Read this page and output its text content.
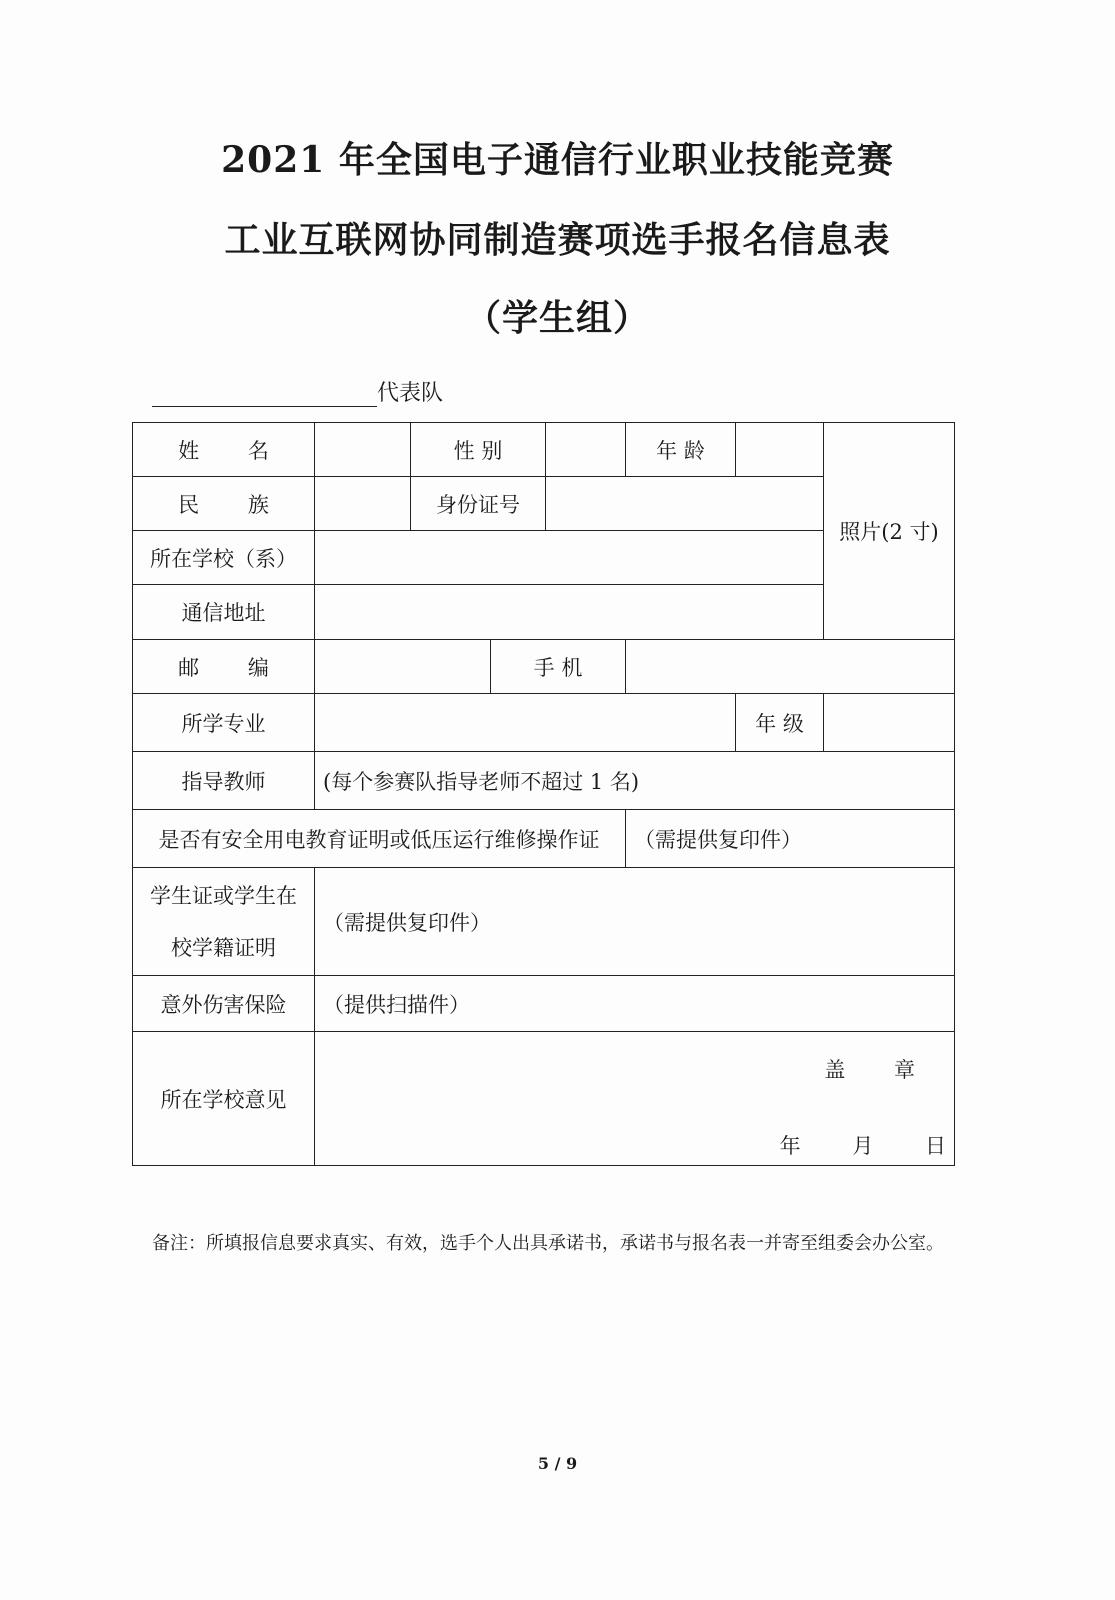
2021 年全国电子通信行业职业技能竞赛
工业互联网协同制造赛项选手报名信息表
（学生组）
代表队
姓 名		性 别			年 龄		照片(2 寸)
民 族		身份证号					
所在学校（系）							
通信地址							
邮 编			手 机				
所学专业						年 级	
指导教师	(每个参赛队指导老师不超过 1 名)						
是否有安全用电教育证明或低压运行维修操作证					（需提供复印件）		

学生证或学生在
校学籍证明	（需提供复印件）						
意外伤害保险	（提供扫描件）						
所在学校意见	盖 章
年 月 日						
备注：所填报信息要求真实、有效，选手个人出具承诺书，承诺书与报名表一并寄至组委会办公室。
5 / 9
